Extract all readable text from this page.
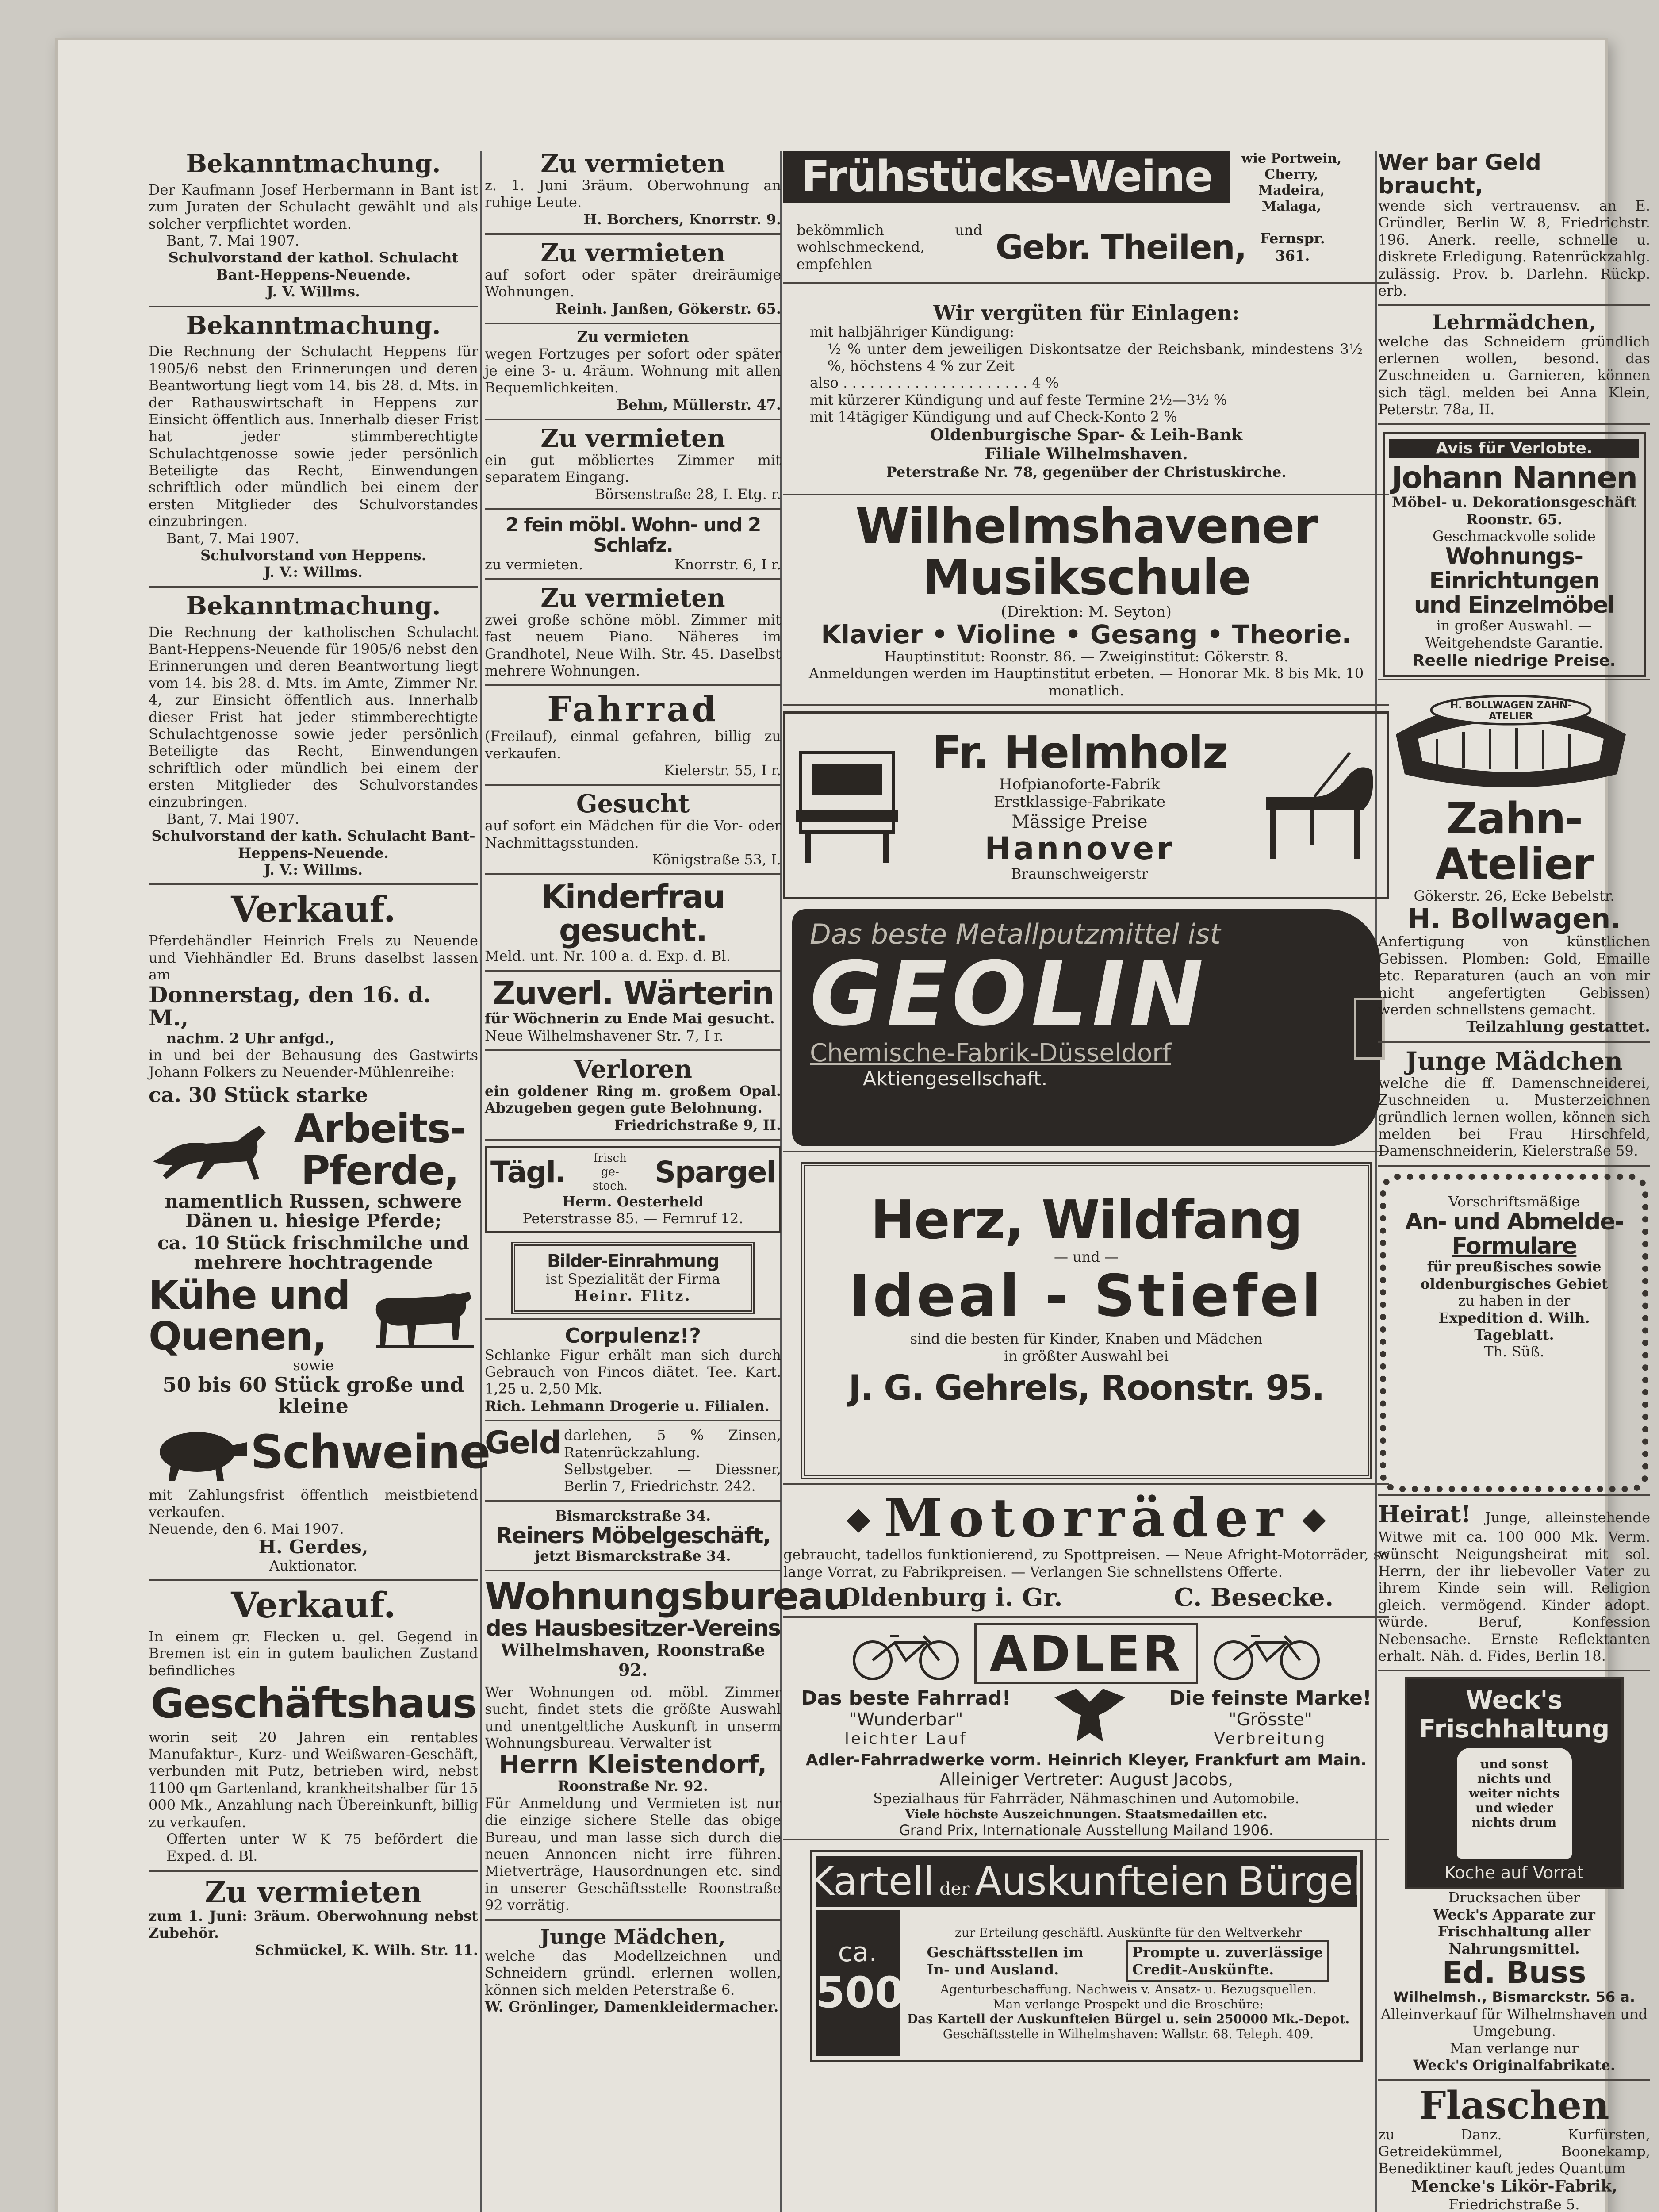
Bekanntmachung.
Der Kaufmann Josef Herbermann in Bant ist zum Juraten der Schulacht gewählt und als solcher verpflichtet worden.
Bant, 7. Mai 1907.
Schulvorstand der kathol. Schulacht Bant-Heppens-Neuende.
J. V. Willms.
Bekanntmachung.
Die Rechnung der Schulacht Heppens für 1905/6 nebst den Erinnerungen und deren Beantwortung liegt vom 14. bis 28. d. Mts. in der Rathauswirtschaft in Heppens zur Einsicht öffentlich aus. Innerhalb dieser Frist hat jeder stimmberechtigte Schulachtgenosse sowie jeder persönlich Beteiligte das Recht, Einwendungen schriftlich oder mündlich bei einem der ersten Mitglieder des Schulvorstandes einzubringen.
Bant, 7. Mai 1907.
Schulvorstand von Heppens.
J. V.: Willms.
Bekanntmachung.
Die Rechnung der katholischen Schulacht Bant-Heppens-Neuende für 1905/6 nebst den Erinnerungen und deren Beantwortung liegt vom 14. bis 28. d. Mts. im Amte, Zimmer Nr. 4, zur Einsicht öffentlich aus. Innerhalb dieser Frist hat jeder stimmberechtigte Schulachtgenosse sowie jeder persönlich Beteiligte das Recht, Einwendungen schriftlich oder mündlich bei einem der ersten Mitglieder des Schulvorstandes einzubringen.
Bant, 7. Mai 1907.
Schulvorstand der kath. Schulacht Bant-Heppens-Neuende.
J. V.: Willms.
Verkauf.
Pferdehändler Heinrich Frels zu Neuende und Viehhändler Ed. Bruns daselbst lassen am
Donnerstag, den 16. d. M.,
nachm. 2 Uhr anfgd.,
in und bei der Behausung des Gastwirts Johann Folkers zu Neuender-Mühlenreihe:
ca. 30 Stück starke
Arbeits-
Pferde,
namentlich Russen, schwere Dänen u. hiesige Pferde;
ca. 10 Stück frischmilche und mehrere hochtragende
Kühe und
Quenen,
sowie
50 bis 60 Stück große und kleine
Schweine
mit Zahlungsfrist öffentlich meistbietend verkaufen.
Neuende, den 6. Mai 1907.
H. Gerdes,
Auktionator.
Verkauf.
In einem gr. Flecken u. gel. Gegend in Bremen ist ein in gutem baulichen Zustand befindliches
Geschäftshaus
worin seit 20 Jahren ein rentables Manufaktur-, Kurz- und Weißwaren-Geschäft, verbunden mit Putz, betrieben wird, nebst 1100 qm Gartenland, krankheitshalber für 15 000 Mk., Anzahlung nach Übereinkunft, billig zu verkaufen.
Offerten unter W K 75 befördert die Exped. d. Bl.
Zu vermieten
zum 1. Juni: 3räum. Oberwohnung nebst Zubehör.
Schmückel, K. Wilh. Str. 11.
Zu vermieten
z. 1. Juni 3räum. Oberwohnung an ruhige Leute.
H. Borchers, Knorrstr. 9.
Zu vermieten
auf sofort oder später dreiräumige Wohnungen.
Reinh. Janßen, Gökerstr. 65.
Zu vermieten
wegen Fortzuges per sofort oder später je eine 3- u. 4räum. Wohnung mit allen Bequemlichkeiten.
Behm, Müllerstr. 47.
Zu vermieten
ein gut möbliertes Zimmer mit separatem Eingang.
Börsenstraße 28, I. Etg. r.
2 fein möbl. Wohn- und 2 Schlafz.
zu vermieten.	Knorrstr. 6, I r.
Zu vermieten
zwei große schöne möbl. Zimmer mit fast neuem Piano. Näheres im Grandhotel, Neue Wilh. Str. 45. Daselbst mehrere Wohnungen.
Fahrrad
(Freilauf), einmal gefahren, billig zu verkaufen.
Kielerstr. 55, I r.
Gesucht
auf sofort ein Mädchen für die Vor- oder Nachmittagsstunden.
Königstraße 53, I.
Kinderfrau gesucht.
Meld. unt. Nr. 100 a. d. Exp. d. Bl.
Zuverl. Wärterin
für Wöchnerin zu Ende Mai gesucht.
Neue Wilhelmshavener Str. 7, I r.
Verloren
ein goldener Ring m. großem Opal. Abzugeben gegen gute Belohnung.
Friedrichstraße 9, II.
Tägl.	frisch ge- stoch. Spargel
Herm. Oesterheld
Peterstrasse 85. — Fernruf 12.
Bilder-Einrahmung
ist Spezialität der Firma
Heinr. Flitz.
Corpulenz!?
Schlanke Figur erhält man sich durch Gebrauch von Fincos diätet. Tee. Kart. 1,25 u. 2,50 Mk.
Rich. Lehmann Drogerie u. Filialen.
Geld darlehen, 5 % Zinsen, Ratenrückzahlung. Selbstgeber. — Diessner, Berlin 7, Friedrichstr. 242.
Bismarckstraße 34.
Reiners Möbelgeschäft,
jetzt Bismarckstraße 34.
Wohnungsbureau
des Hausbesitzer-Vereins
Wilhelmshaven, Roonstraße 92.
Wer Wohnungen od. möbl. Zimmer sucht, findet stets die größte Auswahl und unentgeltliche Auskunft in unserm Wohnungsbureau. Verwalter ist
Herrn Kleistendorf,
Roonstraße Nr. 92.
Für Anmeldung und Vermieten ist nur die einzige sichere Stelle das obige Bureau, und man lasse sich durch die neuen Annoncen nicht irre führen. Mietverträge, Hausordnungen etc. sind in unserer Geschäftsstelle Roonstraße 92 vorrätig.
Junge Mädchen,
welche das Modellzeichnen und Schneidern gründl. erlernen wollen, können sich melden Peterstraße 6.
W. Grönlinger, Damenkleidermacher.
Frühstücks-Weine	wie Portwein, Cherry, Madeira, Malaga,
bekömmlich und wohlschmeckend, empfehlen	Gebr. Theilen, Fernspr. 361.
Wir vergüten für Einlagen:
mit halbjähriger Kündigung:
½ % unter dem jeweiligen Diskontsatze der Reichsbank, mindestens 3½ %, höchstens 4 % zur Zeit
also . . . . . . . . . . . . . . . . . . . . . 4 %
mit kürzerer Kündigung und auf feste Termine 2½—3½ %
mit 14tägiger Kündigung und auf Check-Konto 2 %
Oldenburgische Spar- & Leih-Bank
Filiale Wilhelmshaven.
Peterstraße Nr. 78, gegenüber der Christuskirche.
Wilhelmshavener Musikschule
(Direktion: M. Seyton)
Klavier • Violine • Gesang • Theorie.
Hauptinstitut: Roonstr. 86. — Zweiginstitut: Gökerstr. 8.
Anmeldungen werden im Hauptinstitut erbeten. — Honorar Mk. 8 bis Mk. 10 monatlich.
Fr. Helmholz
Hofpianoforte-Fabrik
Erstklassige-Fabrikate
Mässige Preise
Hannover
Braunschweigerstr
Das beste Metallputzmittel ist
GEOLIN
Chemische-Fabrik-Düsseldorf
Aktiengesellschaft.
Herz, Wildfang
— und —
Ideal - Stiefel
sind die besten für Kinder, Knaben und Mädchen
in größter Auswahl bei
J. G. Gehrels, Roonstr. 95.
◆ Motorräder ◆
gebraucht, tadellos funktionierend, zu Spottpreisen. — Neue Afright-Motorräder, so lange Vorrat, zu Fabrikpreisen. — Verlangen Sie schnellstens Offerte.
Oldenburg i. Gr.	C. Besecke.
ADLER
Das beste Fahrrad!
"Wunderbar"
leichter Lauf
Die feinste Marke!
"Grösste"
Verbreitung
Adler-Fahrradwerke vorm. Heinrich Kleyer, Frankfurt am Main.
Alleiniger Vertreter: August Jacobs,
Spezialhaus für Fahrräder, Nähmaschinen und Automobile.
Viele höchste Auszeichnungen. Staatsmedaillen etc.
Grand Prix, Internationale Ausstellung Mailand 1906.
Kartell der Auskunfteien Bürgel
ca.
500
zur Erteilung geschäftl. Auskünfte für den Weltverkehr
Geschäftsstellen im
In- und Ausland.
Prompte u. zuverlässige
Credit-Auskünfte.
Agenturbeschaffung. Nachweis v. Ansatz- u. Bezugsquellen.
Man verlange Prospekt und die Broschüre:
Das Kartell der Auskunfteien Bürgel u. sein 250000 Mk.-Depot.
Geschäftsstelle in Wilhelmshaven: Wallstr. 68. Teleph. 409.
Wer bar Geld braucht,
wende sich vertrauensv. an E. Gründler, Berlin W. 8, Friedrichstr. 196. Anerk. reelle, schnelle u. diskrete Erledigung. Ratenrückzahlg. zulässig. Prov. b. Darlehn. Rückp. erb.
Lehrmädchen,
welche das Schneidern gründlich erlernen wollen, besond. das Zuschneiden u. Garnieren, können sich tägl. melden bei Anna Klein, Peterstr. 78a, II.
Avis für Verlobte.
Johann Nannen
Möbel- u. Dekorationsgeschäft
Roonstr. 65.
Geschmackvolle solide
Wohnungs-Einrichtungen
und Einzelmöbel
in großer Auswahl. — Weitgehendste Garantie.
Reelle niedrige Preise.
H. BOLLWAGEN ZAHN-ATELIER
Zahn-Atelier
Gökerstr. 26, Ecke Bebelstr.
H. Bollwagen.
Anfertigung von künstlichen Gebissen. Plomben: Gold, Emaille etc. Reparaturen (auch an von mir nicht angefertigten Gebissen) werden schnellstens gemacht.
Teilzahlung gestattet.
Junge Mädchen
welche die ff. Damenschneiderei, Zuschneiden u. Musterzeichnen gründlich lernen wollen, können sich melden bei Frau Hirschfeld, Damenschneiderin, Kielerstraße 59.
Vorschriftsmäßige
An- und Abmelde-
Formulare
für preußisches sowie oldenburgisches Gebiet
zu haben in der
Expedition d. Wilh. Tageblatt.
Th. Süß.
Heirat! Junge, alleinstehende Witwe mit ca. 100 000 Mk. Verm. wünscht Neigungsheirat mit sol. Herrn, der ihr liebevoller Vater zu ihrem Kinde sein will. Religion gleich. vermögend. Kinder adopt. würde. Beruf, Konfession Nebensache. Ernste Reflektanten erhalt. Näh. d. Fides, Berlin 18.
Weck's
Frischhaltung
und sonst nichts und weiter nichts und wieder nichts drum
Koche auf Vorrat
Drucksachen über
Weck's Apparate zur Frischhaltung aller Nahrungsmittel.
Ed. Buss
Wilhelmsh., Bismarckstr. 56 a.
Alleinverkauf für Wilhelmshaven und Umgebung.
Man verlange nur
Weck's Originalfabrikate.
Flaschen
zu Danz. Kurfürsten, Getreidekümmel, Boonekamp, Benediktiner kauft jedes Quantum
Mencke's Likör-Fabrik,
Friedrichstraße 5.
